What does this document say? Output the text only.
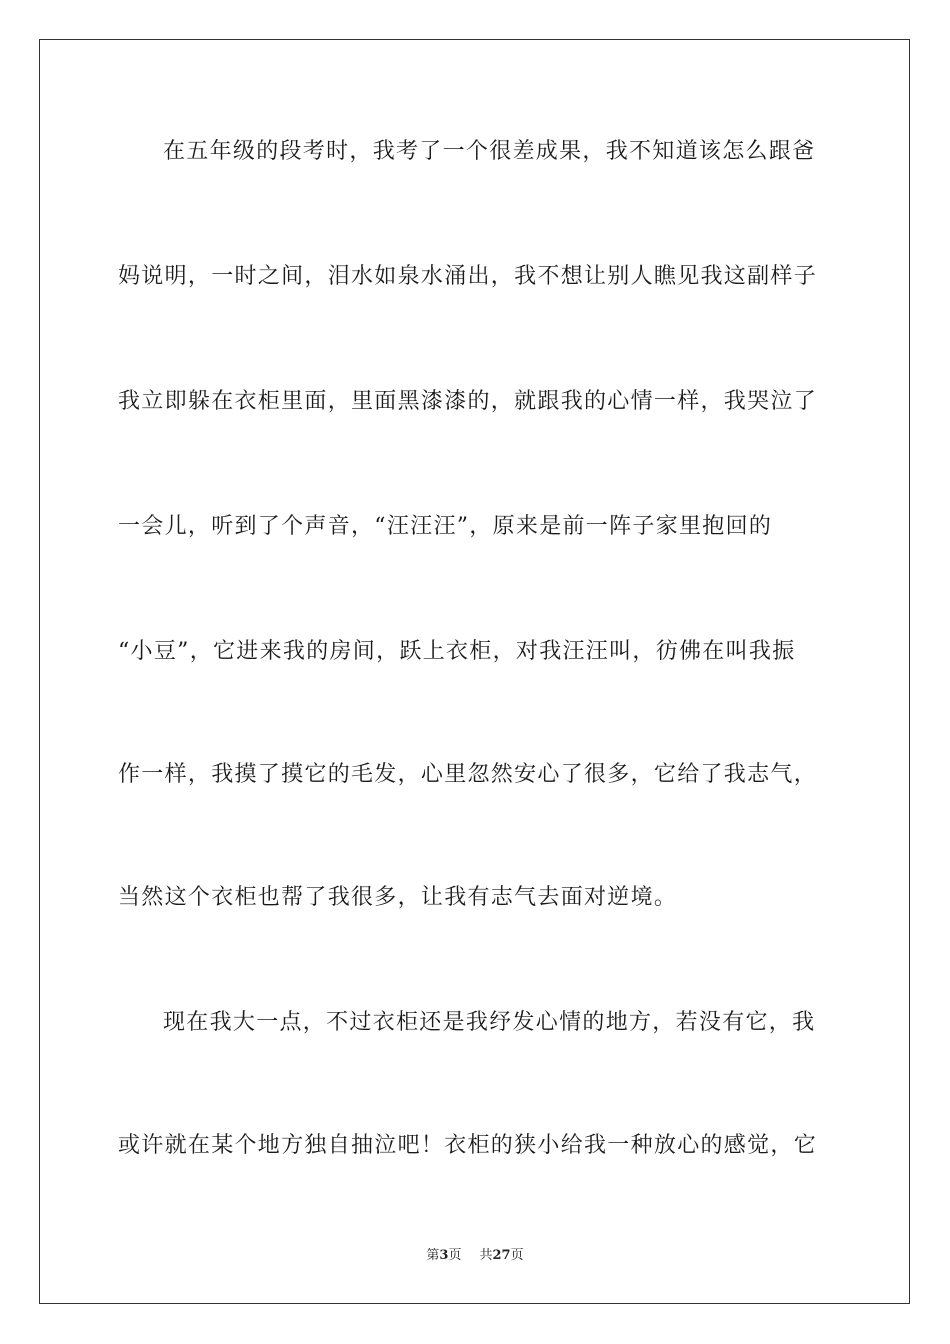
在五年级的段考时，我考了一个很差成果，我不知道该怎么跟爸
妈说明，一时之间，泪水如泉水涌出，我不想让别人瞧见我这副样子
我立即躲在衣柜里面，里面黑漆漆的，就跟我的心情一样，我哭泣了
一会儿，听到了个声音，“汪汪汪”，原来是前一阵子家里抱回的
“小豆”，它进来我的房间，跃上衣柜，对我汪汪叫，彷佛在叫我振
作一样，我摸了摸它的毛发，心里忽然安心了很多，它给了我志气，
当然这个衣柜也帮了我很多，让我有志气去面对逆境。
现在我大一点，不过衣柜还是我纾发心情的地方，若没有它，我
或许就在某个地方独自抽泣吧！衣柜的狭小给我一种放心的感觉，它
第3页 共27页
